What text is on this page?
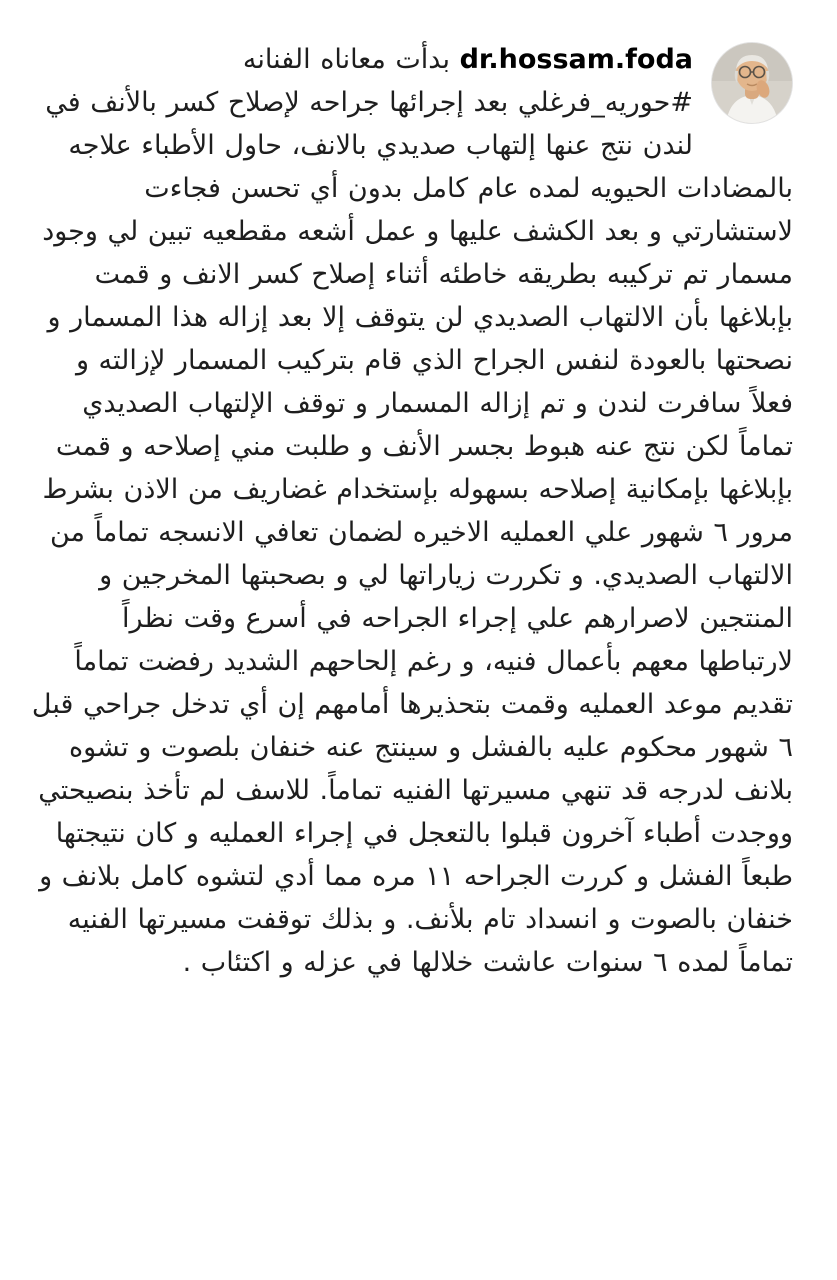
dr.hossam.foda بدأت معاناه الفنانه
#حوريه_فرغلي بعد إجرائها جراحه لإصلاح كسر بالأنف في لندن نتج عنها إلتهاب صديدي بالانف، حاول الأطباء علاجه بالمضادات الحيويه لمده عام كامل بدون أي تحسن فجاءت لاستشارتي و بعد الكشف عليها و عمل أشعه مقطعيه تبين لي وجود مسمار تم تركيبه بطريقه خاطئه أثناء إصلاح كسر الانف و قمت بإبلاغها بأن الالتهاب الصديدي لن يتوقف إلا بعد إزاله هذا المسمار و نصحتها بالعودة لنفس الجراح الذي قام بتركيب المسمار لإزالته و فعلاً سافرت لندن و تم إزاله المسمار و توقف الإلتهاب الصديدي تماماً لكن نتج عنه هبوط بجسر الأنف و طلبت مني إصلاحه و قمت بإبلاغها بإمكانية إصلاحه بسهوله بإستخدام غضاريف من الاذن بشرط مرور ٦ شهور علي العمليه الاخيره لضمان تعافي الانسجه تماماً من الالتهاب الصديدي. و تكررت زياراتها لي و بصحبتها المخرجين و المنتجين لاصرارهم علي إجراء الجراحه في أسرع وقت نظراً لارتباطها معهم بأعمال فنيه، و رغم إلحاحهم الشديد رفضت تماماً تقديم موعد العمليه وقمت بتحذيرها أمامهم إن أي تدخل جراحي قبل ٦ شهور محكوم عليه بالفشل و سينتج عنه خنفان بلصوت و تشوه بلانف لدرجه قد تنهي مسيرتها الفنيه تماماً. للاسف لم تأخذ بنصيحتي ووجدت أطباء آخرون قبلوا بالتعجل في إجراء العمليه و كان نتيجتها طبعاً الفشل و كررت الجراحه ١١ مره مما أدي لتشوه كامل بلانف و خنفان بالصوت و انسداد تام بلأنف. و بذلك توقفت مسيرتها الفنيه تماماً لمده ٦ سنوات عاشت خلالها في عزله و اكتئاب .
